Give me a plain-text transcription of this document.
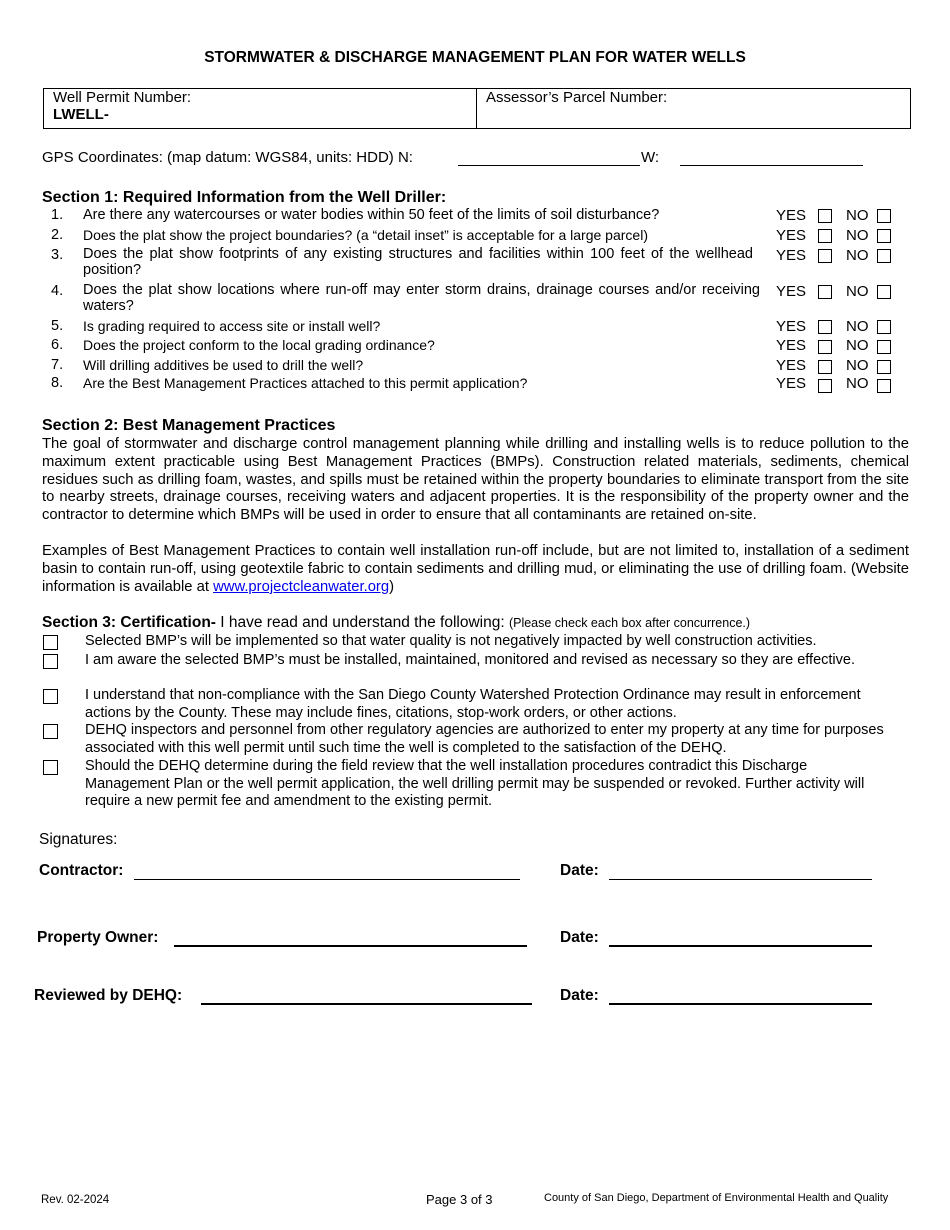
STORMWATER & DISCHARGE MANAGEMENT PLAN FOR WATER WELLS
Well Permit Number:
LWELL-
Assessor’s Parcel Number:
GPS Coordinates: (map datum: WGS84, units: HDD) N:	W:
Section 1: Required Information from the Well Driller:
1. Are there any watercourses or water bodies within 50 feet of the limits of soil disturbance?	YES	NO
2. Does the plat show the project boundaries? (a “detail inset” is acceptable for a large parcel)	YES	NO
3. Does the plat show footprints of any existing structures and facilities within 100 feet of the wellhead position?
YES	NO
4. Does the plat show locations where run-off may enter storm drains, drainage courses and/or receiving waters?
YES	NO
5. Is grading required to access site or install well?	YES	NO
6. Does the project conform to the local grading ordinance?	YES	NO
7. Will drilling additives be used to drill the well?	YES	NO
8. Are the Best Management Practices attached to this permit application?	YES	NO
Section 2: Best Management Practices
The goal of stormwater and discharge control management planning while drilling and installing wells is to reduce pollution to the maximum extent practicable using Best Management Practices (BMPs). Construction related materials, sediments, chemical residues such as drilling foam, wastes, and spills must be retained within the property boundaries to eliminate transport from the site to nearby streets, drainage courses, receiving waters and adjacent properties. It is the responsibility of the property owner and the contractor to determine which BMPs will be used in order to ensure that all contaminants are retained on-site.
Examples of Best Management Practices to contain well installation run-off include, but are not limited to, installation of a sediment basin to contain run-off, using geotextile fabric to contain sediments and drilling mud, or eliminating the use of drilling foam. (Website information is available at www.projectcleanwater.org)
Section 3: Certification- I have read and understand the following: (Please check each box after concurrence.)
Selected BMP’s will be implemented so that water quality is not negatively impacted by well construction activities.
I am aware the selected BMP’s must be installed, maintained, monitored and revised as necessary so they are effective.
I understand that non-compliance with the San Diego County Watershed Protection Ordinance may result in enforcement actions by the County. These may include fines, citations, stop-work orders, or other actions.
DEHQ inspectors and personnel from other regulatory agencies are authorized to enter my property at any time for purposes associated with this well permit until such time the well is completed to the satisfaction of the DEHQ.
Should the DEHQ determine during the field review that the well installation procedures contradict this Discharge Management Plan or the well permit application, the well drilling permit may be suspended or revoked. Further activity will require a new permit fee and amendment to the existing permit.
Signatures:
Contractor:	Date:
Property Owner:	Date:
Reviewed by DEHQ:	Date:
Rev. 02-2024	Page 3 of 3	County of San Diego, Department of Environmental Health and Quality
